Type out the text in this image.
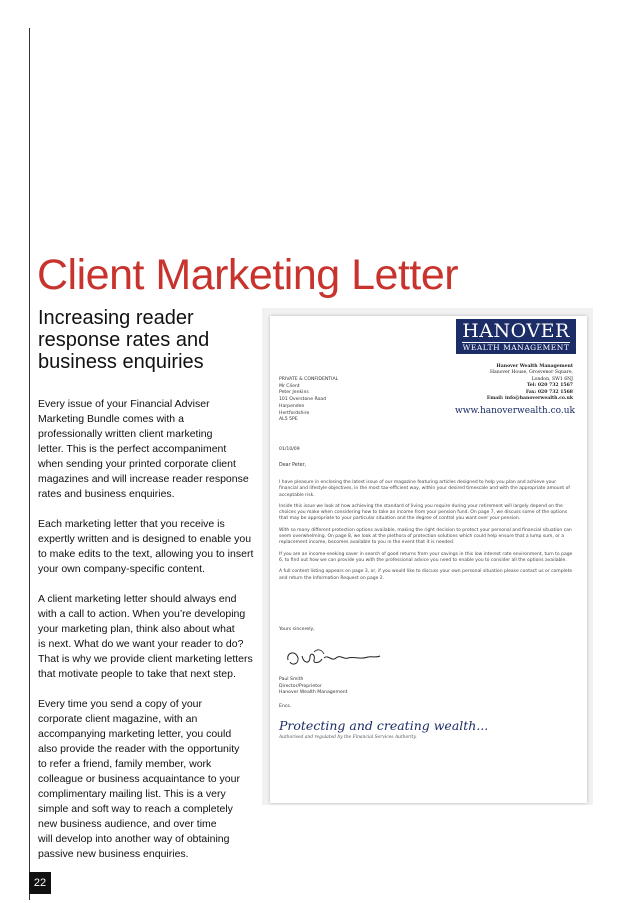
Client Marketing Letter
Increasing reader response rates and business enquiries

Every issue of your Financial Adviser
Marketing Bundle comes with a
professionally written client marketing
letter. This is the perfect accompaniment
when sending your printed corporate client
magazines and will increase reader response
rates and business enquiries.

Each marketing letter that you receive is
expertly written and is designed to enable you
to make edits to the text, allowing you to insert
your own company-specific content.

A client marketing letter should always end
with a call to action. When you’re developing
your marketing plan, think also about what
is next. What do we want your reader to do?
That is why we provide client marketing letters
that motivate people to take that next step.

Every time you send a copy of your
corporate client magazine, with an
accompanying marketing letter, you could
also provide the reader with the opportunity
to refer a friend, family member, work
colleague or business acquaintance to your
complimentary mailing list. This is a very
simple and soft way to reach a completely
new business audience, and over time
will develop into another way of obtaining
passive new business enquiries.

HANOVER
WEALTH MANAGEMENT
Hanover Wealth Management
Hanover House, Grosvenor Square,
London, SW1 6NJ
Tel: 020 732 1567
Fax: 020 732 1568
Email: info@hanoverwealth.co.uk
www.hanoverwealth.co.uk
PRIVATE & CONFIDENTIAL
Mr Client
Peter Jenkins
101 Overstone Road
Harpenden
Hertfordshire
AL5 5PE
01/10/09
Dear Peter,

I have pleasure in enclosing the latest issue of our magazine featuring articles designed to help you plan and achieve your financial and lifestyle objectives, in the most tax-efficient way, within your desired timescale and with the appropriate amount of acceptable risk.

Inside this issue we look at how achieving the standard of living you require during your retirement will largely depend on the choices you make when considering how to take an income from your pension fund. On page 7, we discuss some of the options that may be appropriate to your particular situation and the degree of control you want over your pension.

With so many different protection options available, making the right decision to protect your personal and financial situation can seem overwhelming. On page 8, we look at the plethora of protection solutions which could help ensure that a lump sum, or a replacement income, becomes available to you in the event that it is needed.

If you are an income-seeking saver in search of good returns from your savings in this low interest rate environment, turn to page 6, to find out how we can provide you with the professional advice you need to enable you to consider all the options available.

A full content listing appears on page 3, or, if you would like to discuss your own personal situation please contact us or complete and return the Information Request on page 2.

Yours sincerely,
Paul Smith
Director/Proprietor
Hanover Wealth Management
Encs.
Protecting and creating wealth...
Authorised and regulated by the Financial Services Authority.
22
